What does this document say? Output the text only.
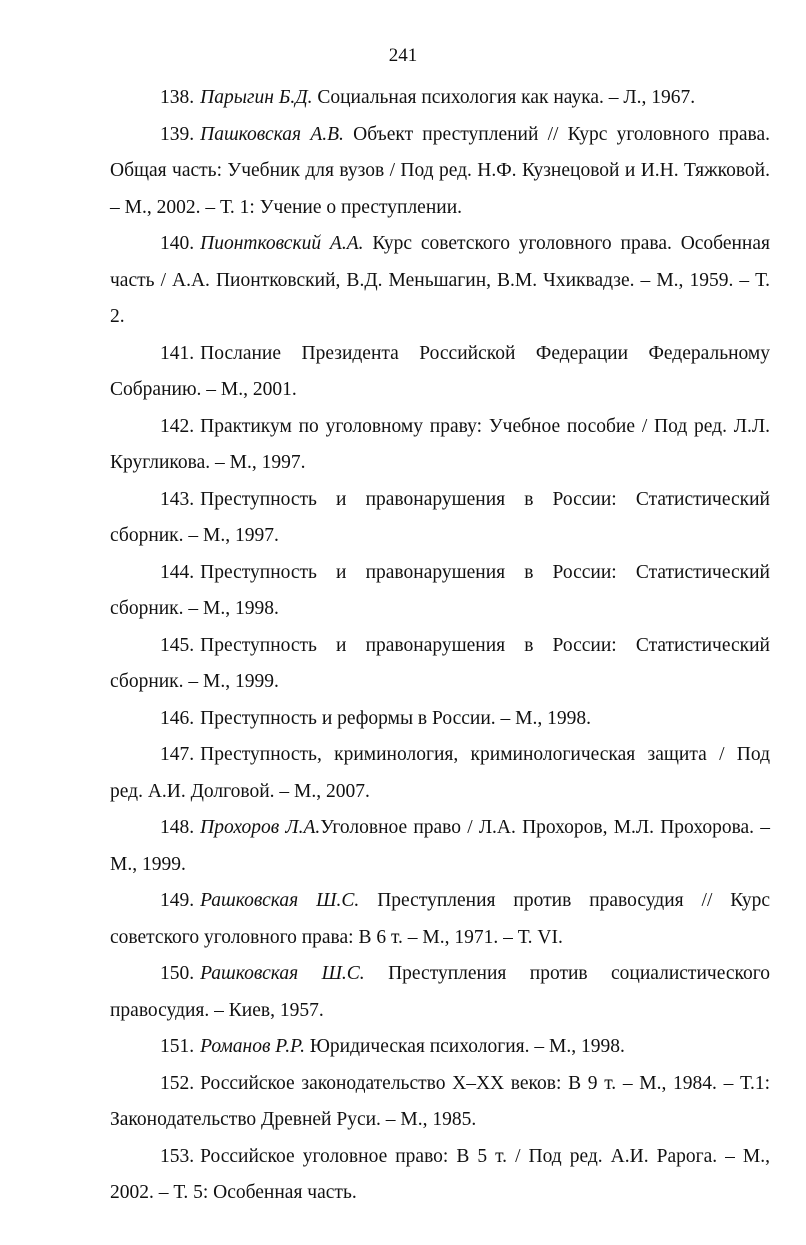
241

138. Парыгин Б.Д. Социальная психология как наука. – Л., 1967.

139. Пашковская А.В. Объект преступлений // Курс уголовного права. Общая часть: Учебник для вузов / Под ред. Н.Ф. Кузнецовой и И.Н. Тяжковой. – М., 2002. – Т. 1: Учение о преступлении.

140. Пионтковский А.А. Курс советского уголовного права. Особенная часть / А.А. Пионтковский, В.Д. Меньшагин, В.М. Чхиквадзе. – М., 1959. – Т. 2.

141. Послание Президента Российской Федерации Федеральному Собранию. – М., 2001.

142. Практикум по уголовному праву: Учебное пособие / Под ред. Л.Л. Кругликова. – М., 1997.

143. Преступность и правонарушения в России: Статистический сборник. – М., 1997.

144. Преступность и правонарушения в России: Статистический сборник. – М., 1998.

145. Преступность и правонарушения в России: Статистический сборник. – М., 1999.

146. Преступность и реформы в России. – М., 1998.

147. Преступность, криминология, криминологическая защита / Под ред. А.И. Долговой. – М., 2007.

148. Прохоров Л.А.Уголовное право / Л.А. Прохоров, М.Л. Прохорова. – М., 1999.

149. Рашковская Ш.С. Преступления против правосудия // Курс советского уголовного права: В 6 т. – М., 1971. – Т. VI.

150. Рашковская Ш.С. Преступления против социалистического правосудия. – Киев, 1957.

151. Романов Р.Р. Юридическая психология. – М., 1998.

152. Российское законодательство X–XX веков: В 9 т. – М., 1984. – Т.1: Законодательство Древней Руси. – М., 1985.

153. Российское уголовное право: В 5 т. / Под ред. А.И. Рарога. – М., 2002. – Т. 5: Особенная часть.
